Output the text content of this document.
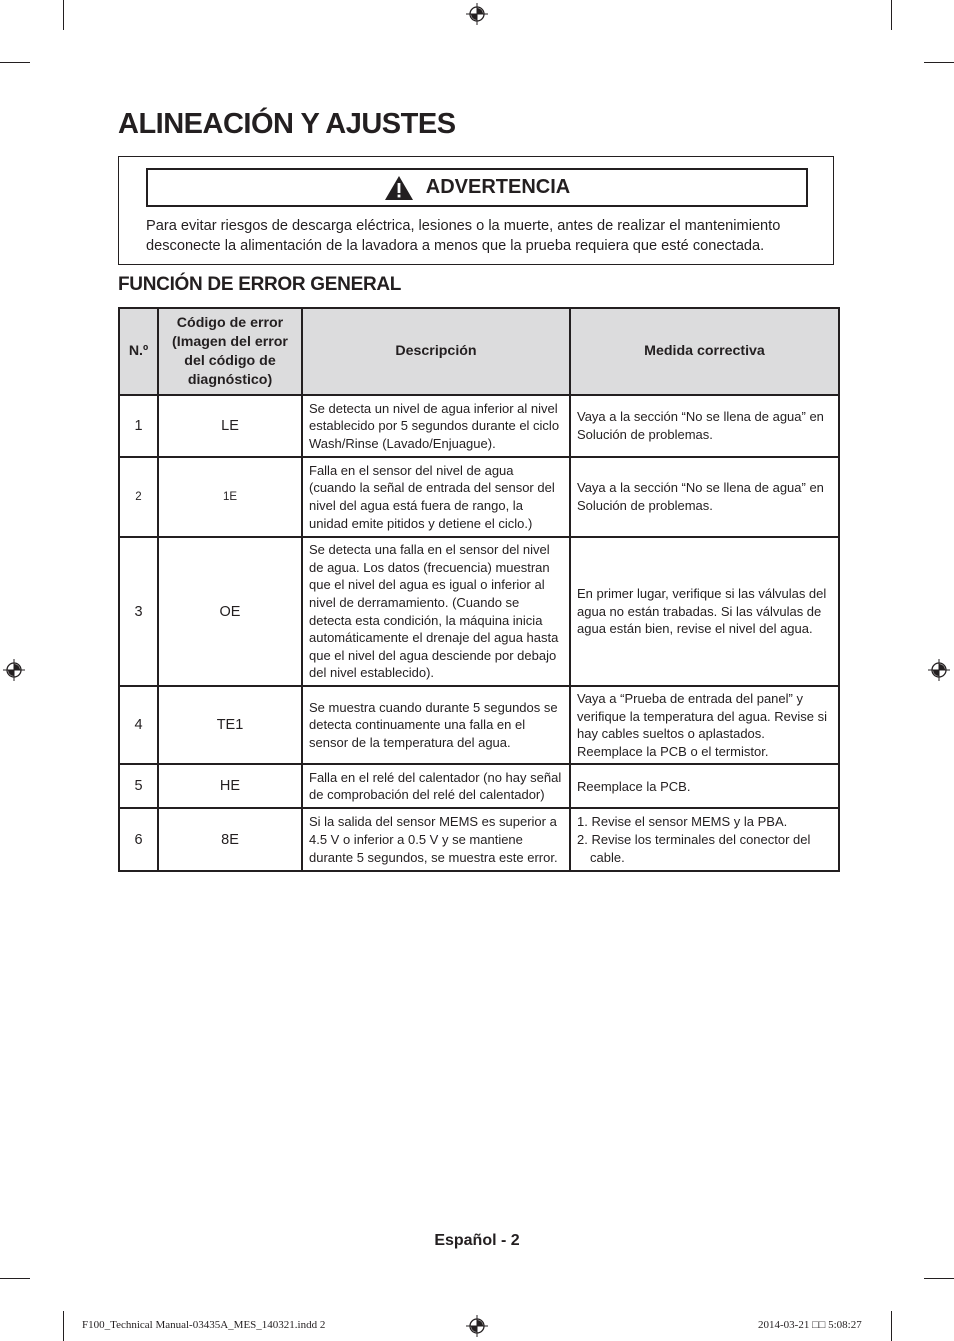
ALINEACIÓN Y AJUSTES
ADVERTENCIA

Para evitar riesgos de descarga eléctrica, lesiones o la muerte, antes de realizar el mantenimiento desconecte la alimentación de la lavadora a menos que la prueba requiera que esté conectada.

FUNCIÓN DE ERROR GENERAL
N.º	Código de error (Imagen del error del código de diagnóstico)	Descripción	Medida correctiva
1	LE	Se detecta un nivel de agua inferior al nivel establecido por 5 segundos durante el ciclo Wash/Rinse (Lavado/Enjuague).	Vaya a la sección “No se llena de agua” en Solución de problemas.
2	1E	Falla en el sensor del nivel de agua (cuando la señal de entrada del sensor del nivel del agua está fuera de rango, la unidad emite pitidos y detiene el ciclo.)	Vaya a la sección “No se llena de agua” en Solución de problemas.
3	OE	Se detecta una falla en el sensor del nivel de agua. Los datos (frecuencia) muestran que el nivel del agua es igual o inferior al nivel de derramamiento. (Cuando se detecta esta condición, la máquina inicia automáticamente el drenaje del agua hasta que el nivel del agua desciende por debajo del nivel establecido).	En primer lugar, verifique si las válvulas del agua no están trabadas. Si las válvulas de agua están bien, revise el nivel del agua.
4	TE1	Se muestra cuando durante 5 segundos se detecta continuamente una falla en el sensor de la temperatura del agua.	Vaya a “Prueba de entrada del panel” y verifique la temperatura del agua. Revise si hay cables sueltos o aplastados. Reemplace la PCB o el termistor.
5	HE	Falla en el relé del calentador (no hay señal de comprobación del relé del calentador)	Reemplace la PCB.
6	8E	Si la salida del sensor MEMS es superior a 4.5 V o inferior a 0.5 V y se mantiene durante 5 segundos, se muestra este error.	1. Revise el sensor MEMS y la PBA.
2. Revise los terminales del conector del cable.
Español - 2
F100_Technical Manual-03435A_MES_140321.indd 2	2014-03-21 □□ 5:08:27
